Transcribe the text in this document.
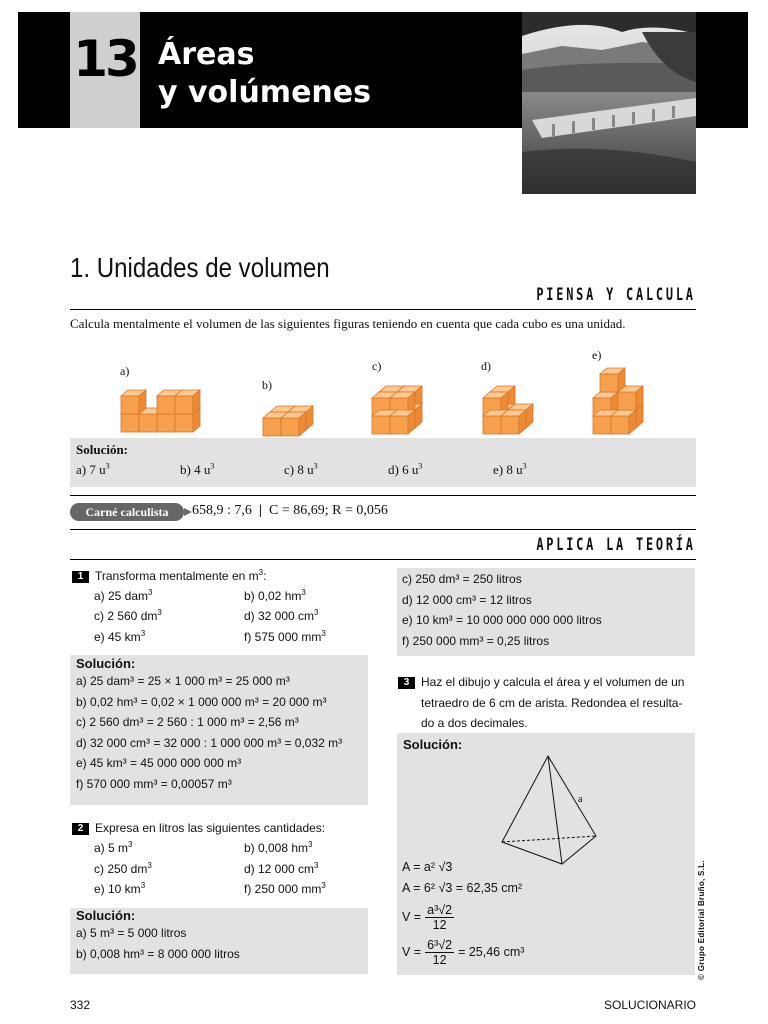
13 Áreas
y volúmenes
1. Unidades de volumen
PIENSA Y CALCULA
Calcula mentalmente el volumen de las siguientes figuras teniendo en cuenta que cada cubo es una unidad.
a)
b)
c)	d)
e)
Solución:
a) 7 $u^3$	b) 4 $u^3$	c) 8 $u^3$	d) 6 $u^3$	e) 8 $u^3$
Carné calculista	658,9 : 7,6 | C = 86,69; R = 0,056
APLICA LA TEORÍA
1 Transforma mentalmente en $m^3$:
a) 25 dam$^3$	b) 0,02 $hm^3$
c) 2 560 $dm^3$	d) 32 000 $cm^3$
e) 45 $km^3$	f) 575 000 $mm^3$
Solución:
a) 25 dam³ = 25 × 1 000 m³ = 25 000 m³
b) 0,02 hm³ = 0,02 × 1 000 000 m³ = 20 000 m³
c) 2 560 dm³ = 2 560 : 1 000 m³ = 2,56 m³
d) 32 000 cm³ = 32 000 : 1 000 000 m³ = 0,032 m³
e) 45 km³ = 45 000 000 000 m³
f) 570 000 mm³ = 0,00057 m³
2 Expresa en litros las siguientes cantidades:
a) 5 $m^3$	b) 0,008 $hm^3$
c) 250 $dm^3$	d) 12 000 $cm^3$
e) 10 $km^3$	f) 250 000 $mm^3$
Solución:
a) 5 m³ = 5 000 litros
b) 0,008 hm³ = 8 000 000 litros
c) 250 dm³ = 250 litros
d) 12 000 cm³ = 12 litros
e) 10 km³ = 10 000 000 000 000 litros
f) 250 000 mm³ = 0,25 litros
3 Haz el dibujo y calcula el área y el volumen de un
tetraedro de 6 cm de arista. Redondea el resulta-
do a dos decimales.
Solución:
a
A = a² √3
A = 6² √3 = 62,35 cm²
$V = \frac{\text{a³√2}}{12}$
$V = \frac{\text{6³√2}}{12} = 25,46$ cm³	© Grupo Editorial Bruño, S.L.
332	SOLUCIONARIO
